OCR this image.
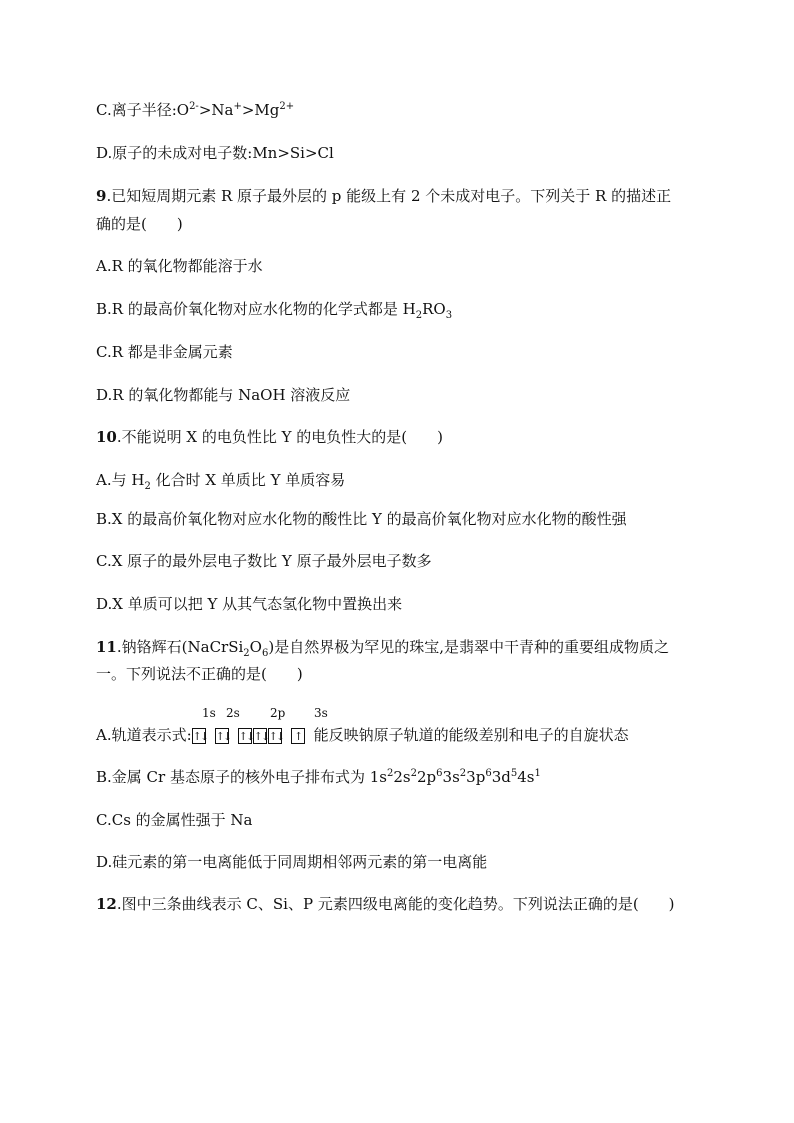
C.离子半径$:O^{2-}>Na^+>Mg^{2+}$
D.原子的未成对电子数:Mn>Si>Cl
9.已知短周期元素 R 原子最外层的 p 能级上有 2 个未成对电子。下列关于 R 的描述正
确的是(　　)
A.R 的氧化物都能溶于水
B.R 的最高价氧化物对应水化物的化学式都是 $H_2RO_3$
C.R 都是非金属元素
D.R 的氧化物都能与 NaOH 溶液反应
10.不能说明 X 的电负性比 Y 的电负性大的是(　　)
A.与 $H_2$ 化合时 X 单质比 Y 单质容易
B.X 的最高价氧化物对应水化物的酸性比 Y 的最高价氧化物对应水化物的酸性强
C.X 原子的最外层电子数比 Y 原子最外层电子数多
D.X 单质可以把 Y 从其气态氢化物中置换出来
11.钠铬辉石$(NaCrSi_2O_6)$是自然界极为罕见的珠宝,是翡翠中干青种的重要组成物质之
一。下列说法不正确的是(　　)
1s 2s	2p 3s
A.轨道表示式:↑↓ ↑↓ ↑↓↑↓↑↓ ↑ 能反映钠原子轨道的能级差别和电子的自旋状态
B.金属 Cr 基态原子的核外电子排布式为 $1s^22s^22p^63s^23p^63d^54s^1$
C.Cs 的金属性强于 Na
D.硅元素的第一电离能低于同周期相邻两元素的第一电离能
12.图中三条曲线表示 C、Si、P 元素四级电离能的变化趋势。下列说法正确的是(　　)
